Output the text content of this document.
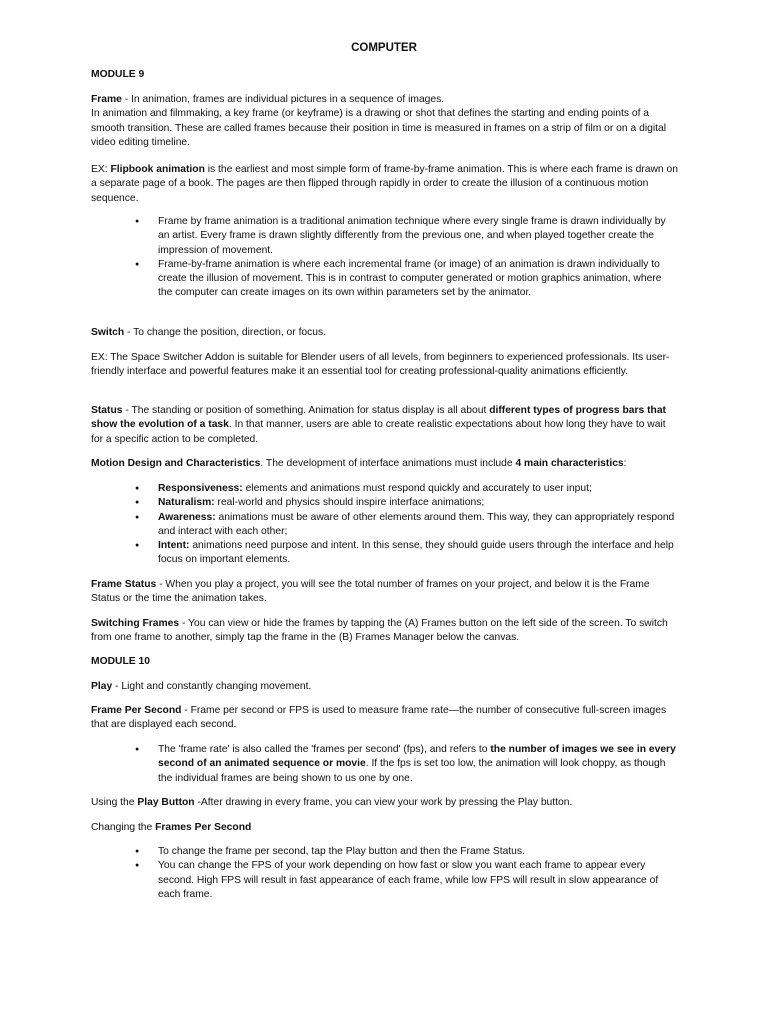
COMPUTER

MODULE 9

Frame - In animation, frames are individual pictures in a sequence of images.
In animation and filmmaking, a key frame (or keyframe) is a drawing or shot that defines the starting and ending points of a smooth transition. These are called frames because their position in time is measured in frames on a strip of film or on a digital video editing timeline.

EX: Flipbook animation is the earliest and most simple form of frame-by-frame animation. This is where each frame is drawn on a separate page of a book. The pages are then flipped through rapidly in order to create the illusion of a continuous motion sequence.

● Frame by frame animation is a traditional animation technique where every single frame is drawn individually by an artist. Every frame is drawn slightly differently from the previous one, and when played together create the impression of movement.
● Frame-by-frame animation is where each incremental frame (or image) of an animation is drawn individually to create the illusion of movement. This is in contrast to computer generated or motion graphics animation, where the computer can create images on its own within parameters set by the animator.

Switch - To change the position, direction, or focus.

EX: The Space Switcher Addon is suitable for Blender users of all levels, from beginners to experienced professionals. Its user-friendly interface and powerful features make it an essential tool for creating professional-quality animations efficiently.

Status - The standing or position of something. Animation for status display is all about different types of progress bars that show the evolution of a task. In that manner, users are able to create realistic expectations about how long they have to wait for a specific action to be completed.

Motion Design and Characteristics. The development of interface animations must include 4 main characteristics:

● Responsiveness: elements and animations must respond quickly and accurately to user input;
● Naturalism: real-world and physics should inspire interface animations;
● Awareness: animations must be aware of other elements around them. This way, they can appropriately respond and interact with each other;
● Intent: animations need purpose and intent. In this sense, they should guide users through the interface and help focus on important elements.

Frame Status - When you play a project, you will see the total number of frames on your project, and below it is the Frame Status or the time the animation takes.

Switching Frames - You can view or hide the frames by tapping the (A) Frames button on the left side of the screen. To switch from one frame to another, simply tap the frame in the (B) Frames Manager below the canvas.

MODULE 10

Play - Light and constantly changing movement.

Frame Per Second - Frame per second or FPS is used to measure frame rate—the number of consecutive full-screen images that are displayed each second.

● The 'frame rate' is also called the 'frames per second' (fps), and refers to the number of images we see in every second of an animated sequence or movie. If the fps is set too low, the animation will look choppy, as though the individual frames are being shown to us one by one.

Using the Play Button -After drawing in every frame, you can view your work by pressing the Play button.

Changing the Frames Per Second

● To change the frame per second, tap the Play button and then the Frame Status.
● You can change the FPS of your work depending on how fast or slow you want each frame to appear every second. High FPS will result in fast appearance of each frame, while low FPS will result in slow appearance of each frame.
